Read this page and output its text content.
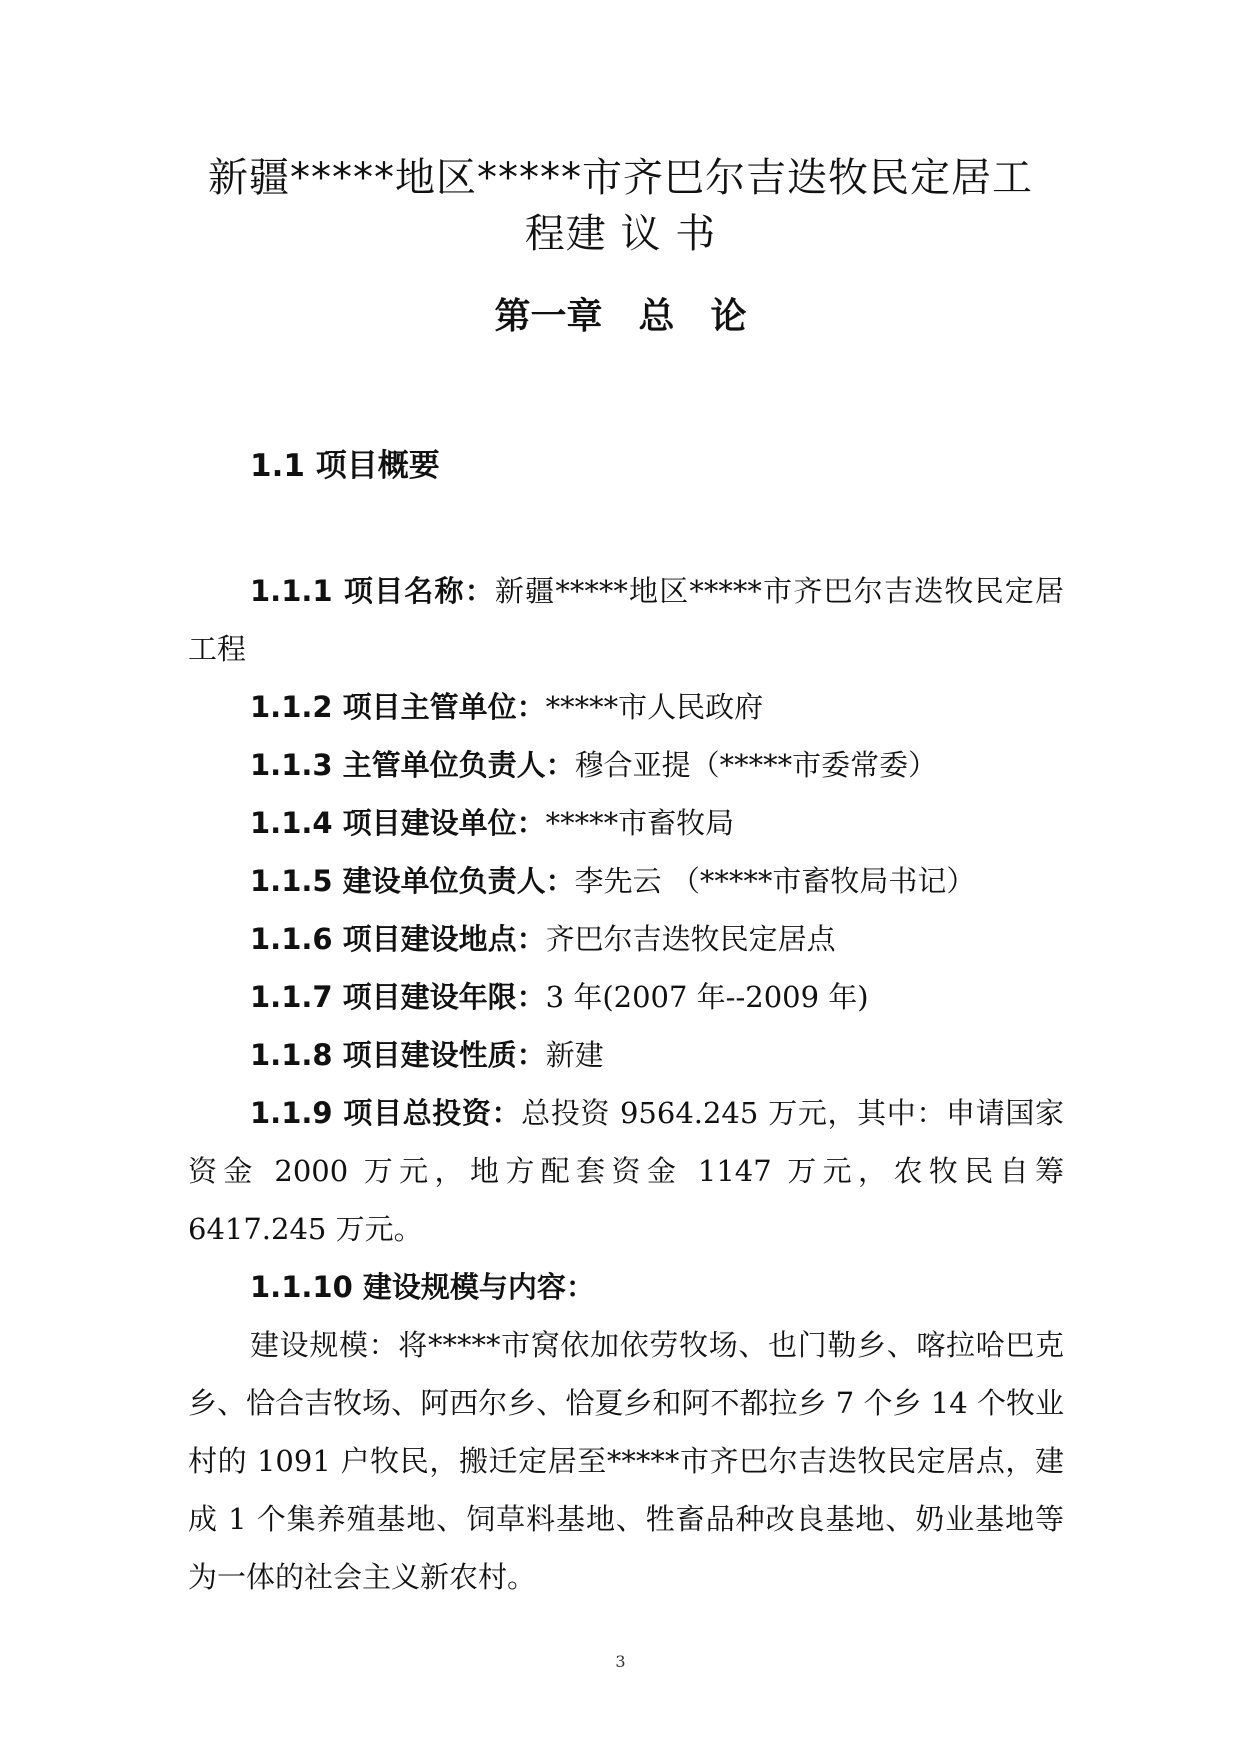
新疆*****地区*****市齐巴尔吉迭牧民定居工
程建 议 书
第一章　总　论
1.1 项目概要

1.1.1 项目名称：新疆*****地区*****市齐巴尔吉迭牧民定居工程

1.1.2 项目主管单位：*****市人民政府

1.1.3 主管单位负责人：穆合亚提（*****市委常委）

1.1.4 项目建设单位：*****市畜牧局

1.1.5 建设单位负责人：李先云 （*****市畜牧局书记）

1.1.6 项目建设地点：齐巴尔吉迭牧民定居点

1.1.7 项目建设年限：3 年(2007 年--2009 年)

1.1.8 项目建设性质：新建

1.1.9 项目总投资：总投资 9564.245 万元，其中：申请国家资金 2000 万元，地方配套资金 1147 万元，农牧民自筹 6417.245 万元。

1.1.10 建设规模与内容：

建设规模：将*****市窝依加依劳牧场、也门勒乡、喀拉哈巴克乡、恰合吉牧场、阿西尔乡、恰夏乡和阿不都拉乡 7 个乡 14 个牧业村的 1091 户牧民，搬迁定居至*****市齐巴尔吉迭牧民定居点，建成 1 个集养殖基地、饲草料基地、牲畜品种改良基地、奶业基地等为一体的社会主义新农村。

3
